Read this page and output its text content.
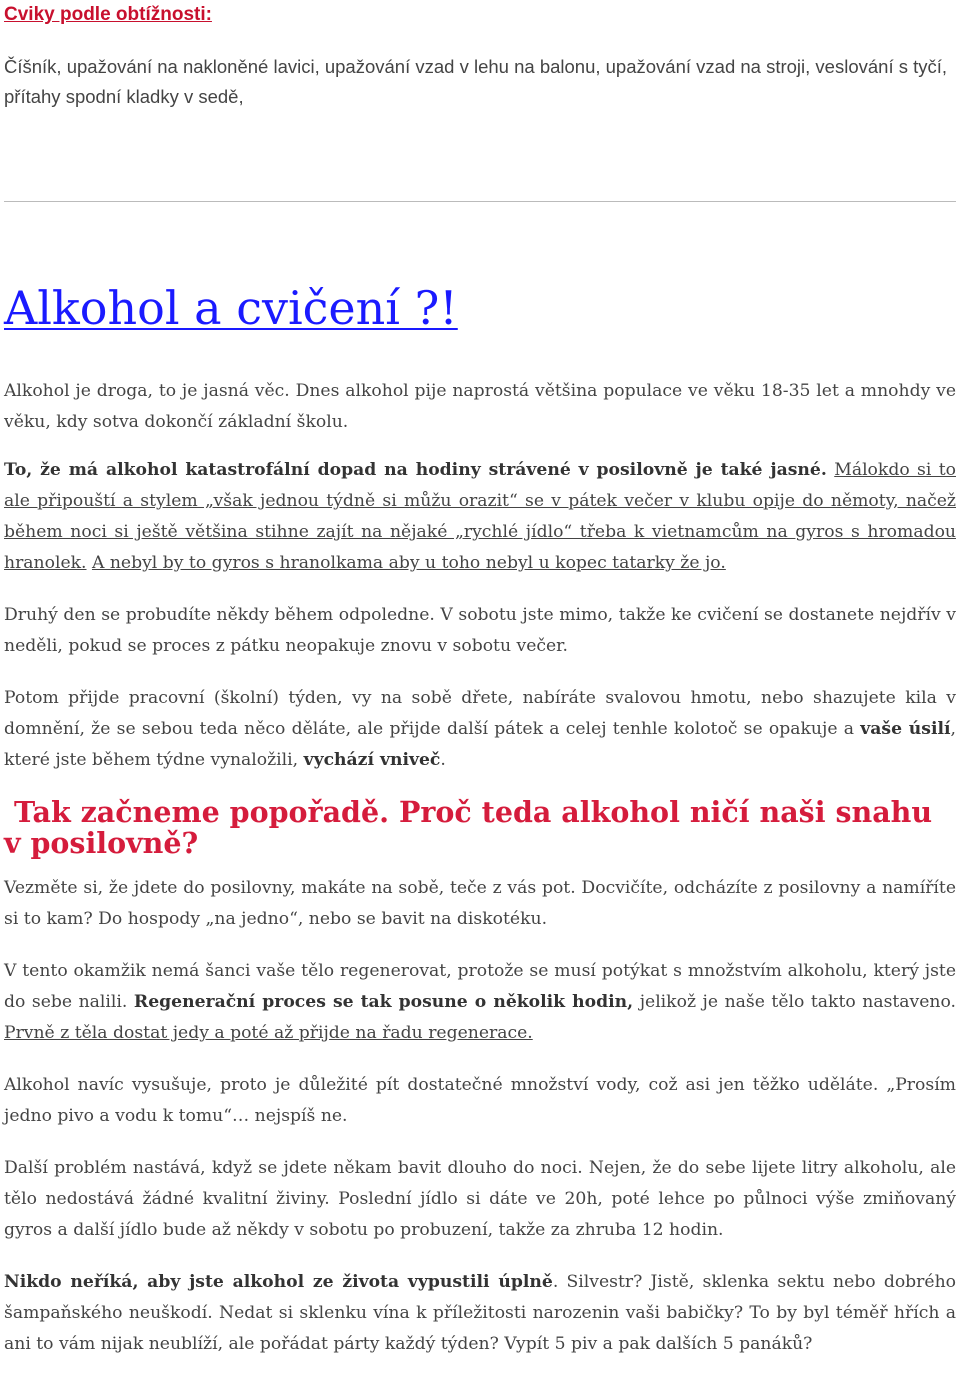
Cviky podle obtížnosti:

Číšník, upažování na nakloněné lavici, upažování vzad v lehu na balonu, upažování vzad na stroji, veslování s tyčí, přítahy spodní kladky v sedě,

Alkohol a cvičení ?!

Alkohol je droga, to je jasná věc. Dnes alkohol pije naprostá většina populace ve věku 18-35 let a mnohdy ve věku, kdy sotva dokončí základní školu.

To, že má alkohol katastrofální dopad na hodiny strávené v posilovně je také jasné. Málokdo si to ale připouští a stylem „však jednou týdně si můžu orazit“ se v pátek večer v klubu opije do němoty, načež během noci si ještě většina stihne zajít na nějaké „rychlé jídlo“ třeba k vietnamcům na gyros s hromadou hranolek. A nebyl by to gyros s hranolkama aby u toho nebyl u kopec tatarky že jo.

Druhý den se probudíte někdy během odpoledne. V sobotu jste mimo, takže ke cvičení se dostanete nejdřív v neděli, pokud se proces z pátku neopakuje znovu v sobotu večer.

Potom přijde pracovní (školní) týden, vy na sobě dřete, nabíráte svalovou hmotu, nebo shazujete kila v domnění, že se sebou teda něco děláte, ale přijde další pátek a celej tenhle kolotoč se opakuje a vaše úsilí, které jste během týdne vynaložili, vychází vniveč.

Tak začneme popořadě. Proč teda alkohol ničí naši snahu v posilovně?

Vezměte si, že jdete do posilovny, makáte na sobě, teče z vás pot. Docvičíte, odcházíte z posilovny a namíříte si to kam? Do hospody „na jedno“, nebo se bavit na diskotéku.

V tento okamžik nemá šanci vaše tělo regenerovat, protože se musí potýkat s množstvím alkoholu, který jste do sebe nalili. Regenerační proces se tak posune o několik hodin, jelikož je naše tělo takto nastaveno. Prvně z těla dostat jedy a poté až přijde na řadu regenerace.

Alkohol navíc vysušuje, proto je důležité pít dostatečné množství vody, což asi jen těžko uděláte. „Prosím jedno pivo a vodu k tomu“… nejspíš ne.

Další problém nastává, když se jdete někam bavit dlouho do noci. Nejen, že do sebe lijete litry alkoholu, ale tělo nedostává žádné kvalitní živiny. Poslední jídlo si dáte ve 20h, poté lehce po půlnoci výše zmiňovaný gyros a další jídlo bude až někdy v sobotu po probuzení, takže za zhruba 12 hodin.

Nikdo neříká, aby jste alkohol ze života vypustili úplně. Silvestr? Jistě, sklenka sektu nebo dobrého šampaňského neuškodí. Nedat si sklenku vína k příležitosti narozenin vaši babičky? To by byl téměř hřích a ani to vám nijak neublíží, ale pořádat párty každý týden? Vypít 5 piv a pak dalších 5 panáků?
